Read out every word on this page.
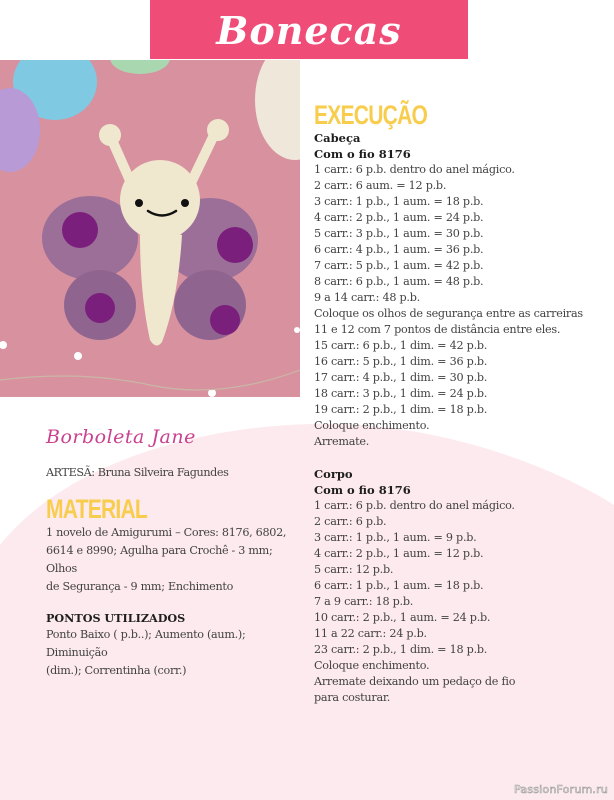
Bonecas
EXECUÇÃO
Cabeça
Com o fio 8176
1 carr.: 6 p.b. dentro do anel mágico.
2 carr.: 6 aum. = 12 p.b.
3 carr.: 1 p.b., 1 aum. = 18 p.b.
4 carr.: 2 p.b., 1 aum. = 24 p.b.
5 carr.: 3 p.b., 1 aum. = 30 p.b.
6 carr.: 4 p.b., 1 aum. = 36 p.b.
7 carr.: 5 p.b., 1 aum. = 42 p.b.
8 carr.: 6 p.b., 1 aum. = 48 p.b.
9 a 14 carr.: 48 p.b.
Coloque os olhos de segurança entre as carreiras
11 e 12 com 7 pontos de distância entre eles.
15 carr.: 6 p.b., 1 dim. = 42 p.b.
16 carr.: 5 p.b., 1 dim. = 36 p.b.
17 carr.: 4 p.b., 1 dim. = 30 p.b.
18 carr.: 3 p.b., 1 dim. = 24 p.b.
19 carr.: 2 p.b., 1 dim. = 18 p.b.
Coloque enchimento.
Arremate.
Corpo
Com o fio 8176
1 carr.: 6 p.b. dentro do anel mágico.
2 carr.: 6 p.b.
3 carr.: 1 p.b., 1 aum. = 9 p.b.
4 carr.: 2 p.b., 1 aum. = 12 p.b.
5 carr.: 12 p.b.
6 carr.: 1 p.b., 1 aum. = 18 p.b.
7 a 9 carr.: 18 p.b.
10 carr.: 2 p.b., 1 aum. = 24 p.b.
11 a 22 carr.: 24 p.b.
23 carr.: 2 p.b., 1 dim. = 18 p.b.
Coloque enchimento.
Arremate deixando um pedaço de fio
para costurar.
Borboleta Jane
ARTESÃ: Bruna Silveira Fagundes
MATERIAL
1 novelo de Amigurumi – Cores: 8176, 6802,
6614 e 8990; Agulha para Crochê - 3 mm; Olhos
de Segurança - 9 mm; Enchimento
PONTOS UTILIZADOS
Ponto Baixo ( p.b..); Aumento (aum.); Diminuição
(dim.); Correntinha (corr.)
PassionForum.ru
